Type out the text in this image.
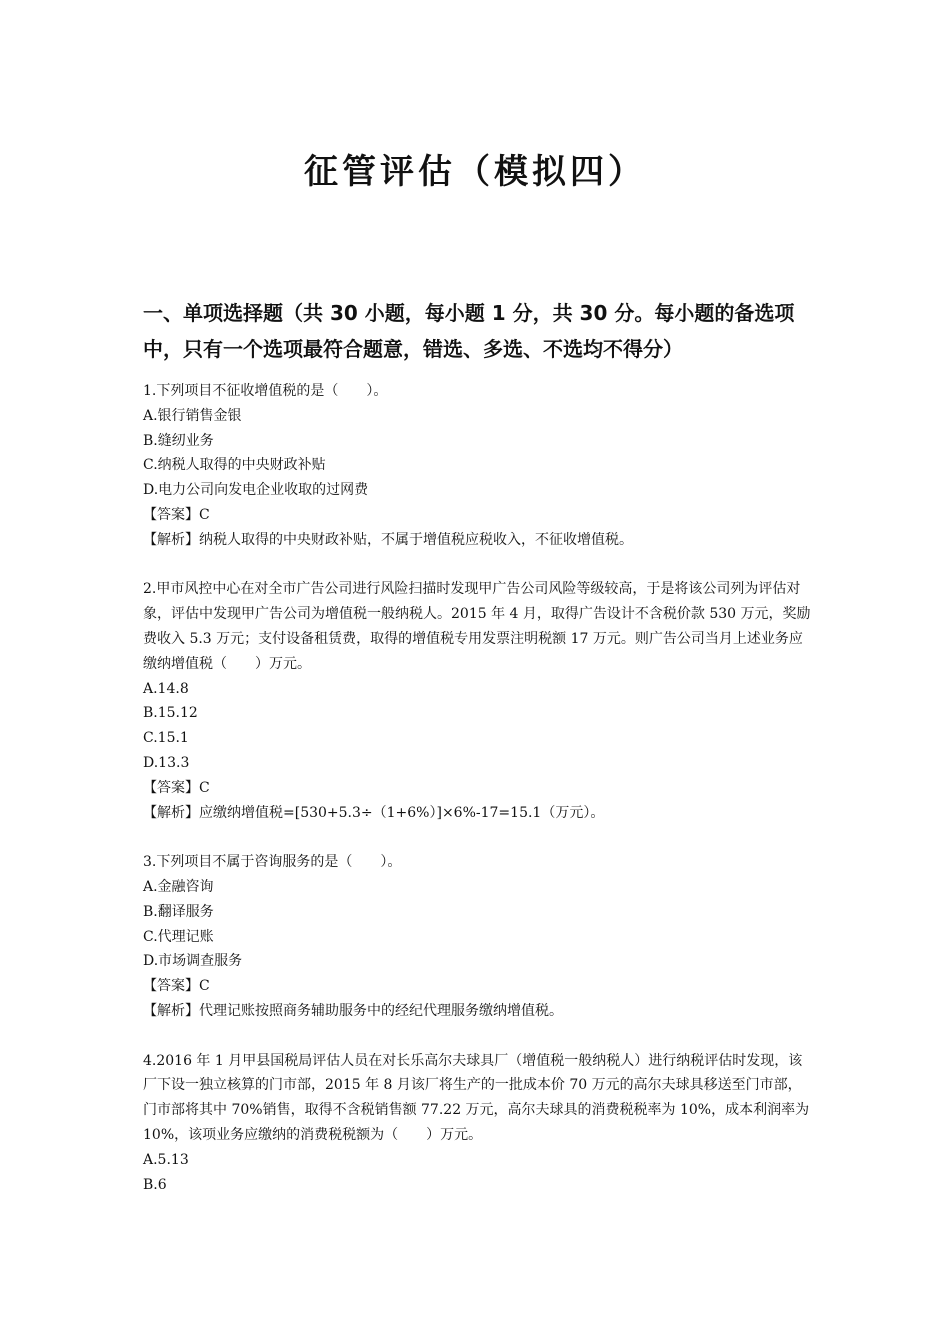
征管评估（模拟四）
一、单项选择题（共 30 小题，每小题 1 分，共 30 分。每小题的备选项中，只有一个选项最符合题意，错选、多选、不选均不得分）
1.下列项目不征收增值税的是（　　）。
A.银行销售金银
B.缝纫业务
C.纳税人取得的中央财政补贴
D.电力公司向发电企业收取的过网费
【答案】C
【解析】纳税人取得的中央财政补贴，不属于增值税应税收入，不征收增值税。
2.甲市风控中心在对全市广告公司进行风险扫描时发现甲广告公司风险等级较高，于是将该公司列为评估对象，评估中发现甲广告公司为增值税一般纳税人。2015 年 4 月，取得广告设计不含税价款 530 万元，奖励费收入 5.3 万元；支付设备租赁费，取得的增值税专用发票注明税额 17 万元。则广告公司当月上述业务应缴纳增值税（　　）万元。
A.14.8
B.15.12
C.15.1
D.13.3
【答案】C
【解析】应缴纳增值税=[530+5.3÷（1+6%）]×6%-17=15.1（万元）。
3.下列项目不属于咨询服务的是（　　）。
A.金融咨询
B.翻译服务
C.代理记账
D.市场调查服务
【答案】C
【解析】代理记账按照商务辅助服务中的经纪代理服务缴纳增值税。
4.2016 年 1 月甲县国税局评估人员在对长乐高尔夫球具厂（增值税一般纳税人）进行纳税评估时发现，该厂下设一独立核算的门市部，2015 年 8 月该厂将生产的一批成本价 70 万元的高尔夫球具移送至门市部，门市部将其中 70%销售，取得不含税销售额 77.22 万元，高尔夫球具的消费税税率为 10%，成本利润率为 10%，该项业务应缴纳的消费税税额为（　　）万元。
A.5.13
B.6
